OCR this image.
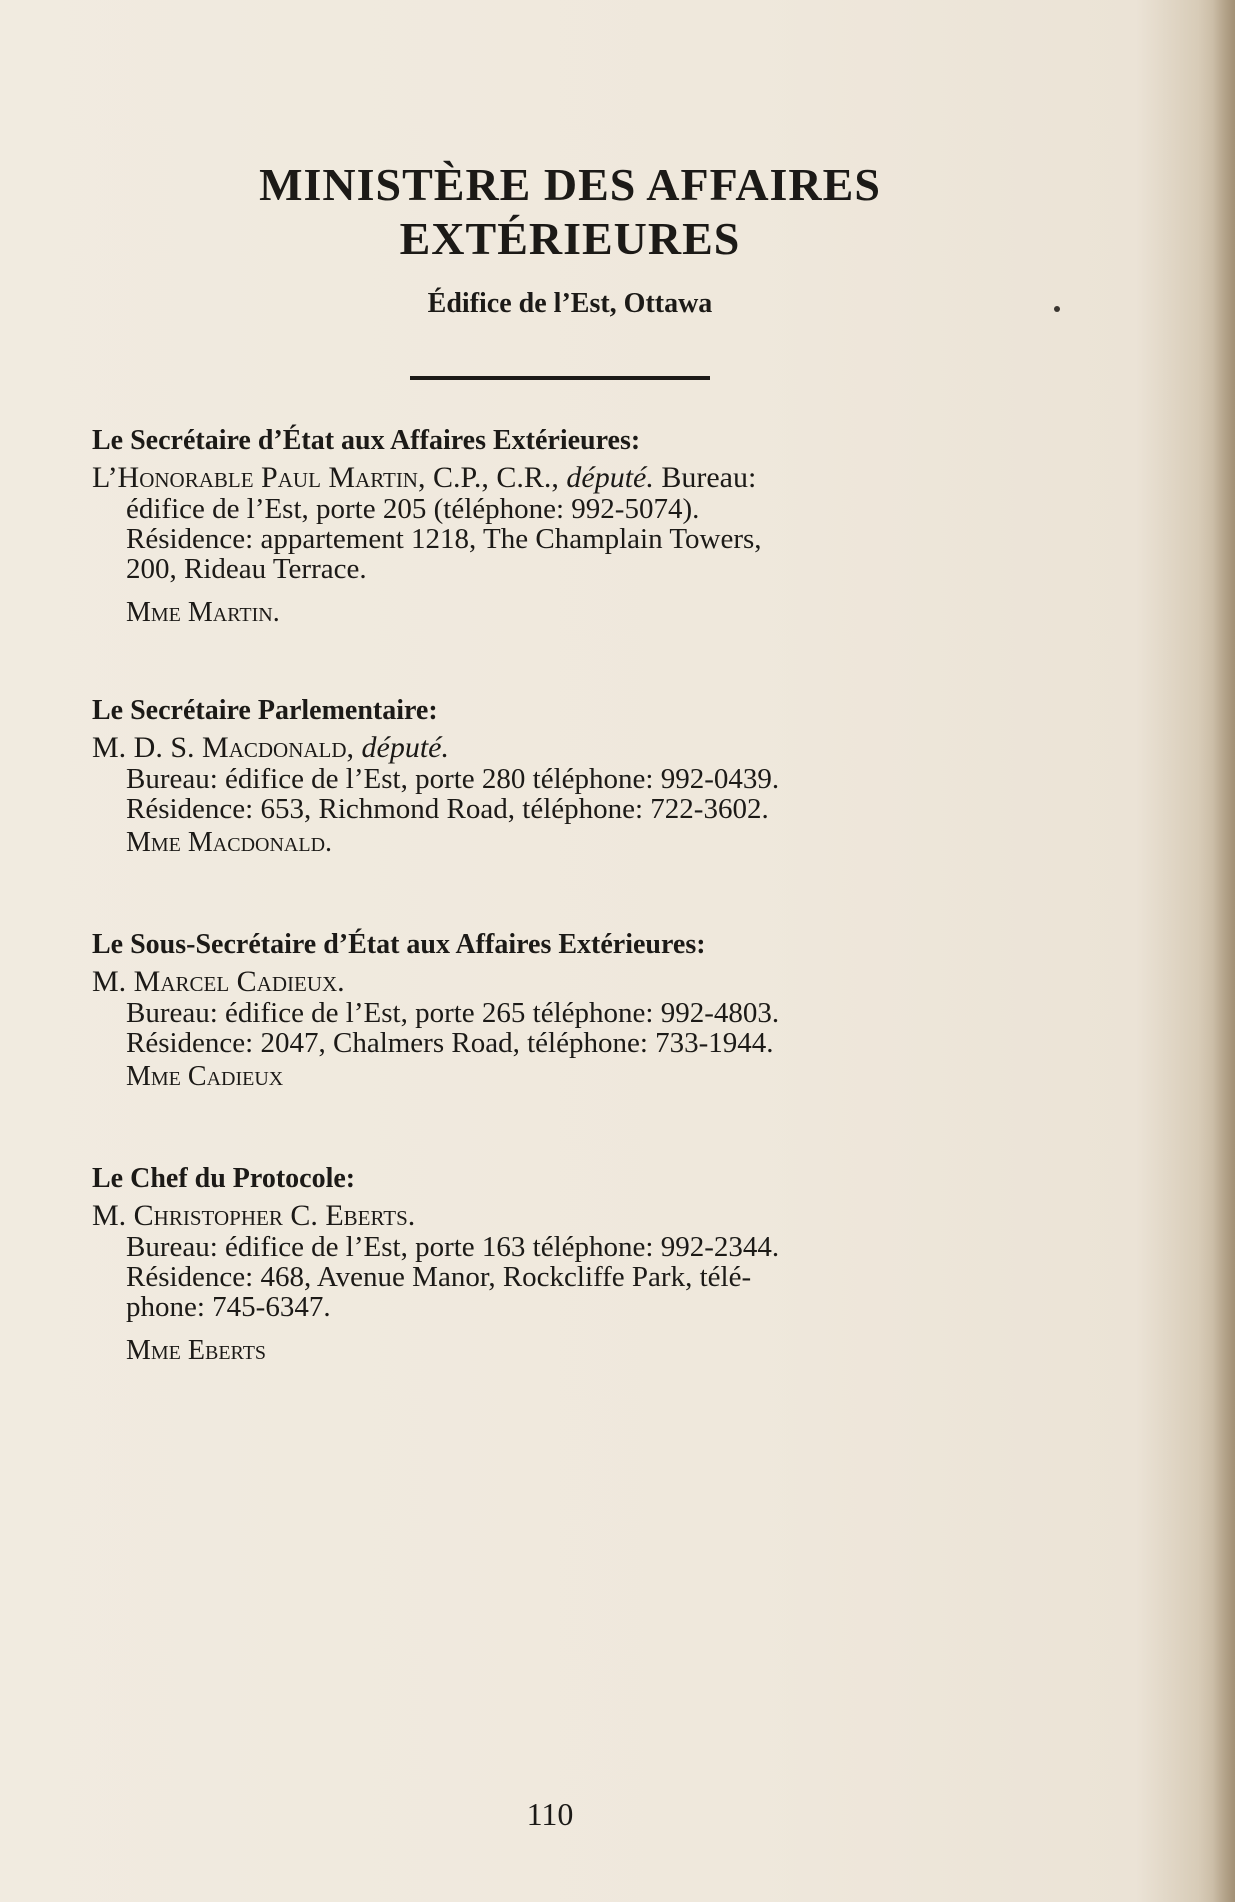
MINISTÈRE DES AFFAIRES
EXTÉRIEURES
Édifice de l’Est, Ottawa
Le Secrétaire d’État aux Affaires Extérieures:
L’Honorable Paul Martin, C.P., C.R., député. Bureau:
édifice de l’Est, porte 205 (téléphone: 992-5074).
Résidence: appartement 1218, The Champlain Towers,
200, Rideau Terrace.
Mme Martin.
Le Secrétaire Parlementaire:
M. D. S. Macdonald, député.
Bureau: édifice de l’Est, porte 280 téléphone: 992-0439.
Résidence: 653, Richmond Road, téléphone: 722-3602.
Mme Macdonald.
Le Sous-Secrétaire d’État aux Affaires Extérieures:
M. Marcel Cadieux.
Bureau: édifice de l’Est, porte 265 téléphone: 992-4803.
Résidence: 2047, Chalmers Road, téléphone: 733-1944.
Mme Cadieux
Le Chef du Protocole:
M. Christopher C. Eberts.
Bureau: édifice de l’Est, porte 163 téléphone: 992-2344.
Résidence: 468, Avenue Manor, Rockcliffe Park, télé-
phone: 745-6347.
Mme Eberts
110
